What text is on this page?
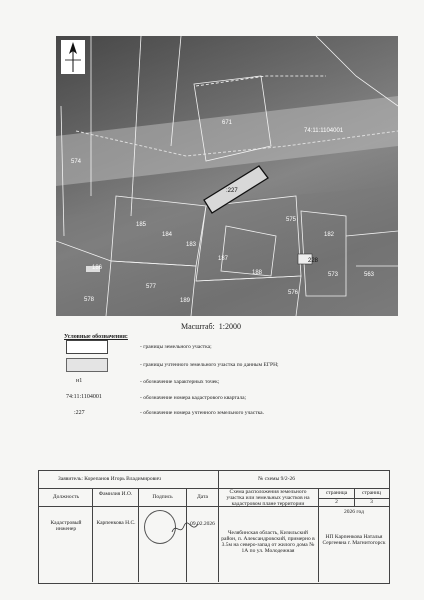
74:11:1104001
671
574
:227
575
185
184
183
187
188
577
576
189
186
228
578
573	563
182
Масштаб: 1:2000
Условные обозначения:
- границы земельного участка;
- границы учтенного земельного участка по данным ЕГРН;
н1	- обозначение характерных точек;
74:11:1104001	- обозначение номера кадастрового квартала;
:227	- обозначение номера учтенного земельного участка.
Заявитель: Корепанов Игорь Владимирович	№ схемы 9/2-26
Должность	Фамилия И.О.	Подпись	Дата
Схема расположения земельного участка или земельных участков на кадастровом плане территории
страница	страниц
2	3
2026 год
Кадастровый инженер
Карпенкова Н.С.	09.02.2026
Челябинская область, Кизильский район, п. Александровский, примерно в 3.5м на северо-запад от жилого дома № 1А по ул. Молодежная
НП Карпенкова Наталья Сергеевна г. Магнитогорск
